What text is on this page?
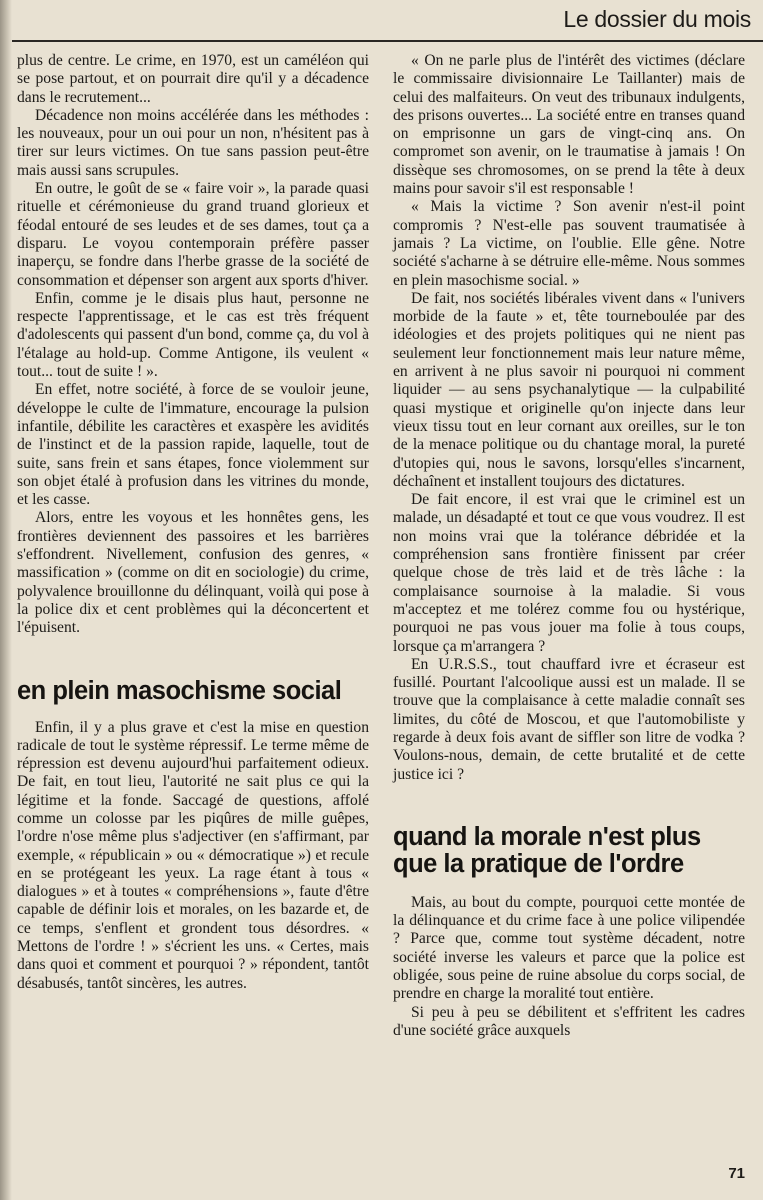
Le dossier du mois

plus de centre. Le crime, en 1970, est un caméléon qui se pose partout, et on pourrait dire qu'il y a décadence dans le recrutement...

Décadence non moins accélérée dans les méthodes : les nouveaux, pour un oui pour un non, n'hésitent pas à tirer sur leurs victimes. On tue sans passion peut-être mais aussi sans scrupules.

En outre, le goût de se « faire voir », la parade quasi rituelle et cérémonieuse du grand truand glorieux et féodal entouré de ses leudes et de ses dames, tout ça a disparu. Le voyou contemporain préfère passer inaperçu, se fondre dans l'herbe grasse de la société de consommation et dépenser son argent aux sports d'hiver.

Enfin, comme je le disais plus haut, personne ne respecte l'apprentissage, et le cas est très fréquent d'adolescents qui passent d'un bond, comme ça, du vol à l'étalage au hold-up. Comme Antigone, ils veulent « tout... tout de suite ! ».

En effet, notre société, à force de se vouloir jeune, développe le culte de l'immature, encourage la pulsion infantile, débilite les caractères et exaspère les avidités de l'instinct et de la passion rapide, laquelle, tout de suite, sans frein et sans étapes, fonce violemment sur son objet étalé à profusion dans les vitrines du monde, et les casse.

Alors, entre les voyous et les honnêtes gens, les frontières deviennent des passoires et les barrières s'effondrent. Nivellement, confusion des genres, « massification » (comme on dit en sociologie) du crime, polyvalence brouillonne du délinquant, voilà qui pose à la police dix et cent problèmes qui la déconcertent et l'épuisent.

en plein masochisme social

Enfin, il y a plus grave et c'est la mise en question radicale de tout le système répressif. Le terme même de répression est devenu aujourd'hui parfaitement odieux. De fait, en tout lieu, l'autorité ne sait plus ce qui la légitime et la fonde. Saccagé de questions, affolé comme un colosse par les piqûres de mille guêpes, l'ordre n'ose même plus s'adjectiver (en s'affirmant, par exemple, « républicain » ou « démocratique ») et recule en se protégeant les yeux. La rage étant à tous « dialogues » et à toutes « compréhensions », faute d'être capable de définir lois et morales, on les bazarde et, de ce temps, s'enflent et grondent tous désordres. « Mettons de l'ordre ! » s'écrient les uns. « Certes, mais dans quoi et comment et pourquoi ? » répondent, tantôt désabusés, tantôt sincères, les autres.

« On ne parle plus de l'intérêt des victimes (déclare le commissaire divisionnaire Le Taillanter) mais de celui des malfaiteurs. On veut des tribunaux indulgents, des prisons ouvertes... La société entre en transes quand on emprisonne un gars de vingt-cinq ans. On compromet son avenir, on le traumatise à jamais ! On dissèque ses chromosomes, on se prend la tête à deux mains pour savoir s'il est responsable !

« Mais la victime ? Son avenir n'est-il point compromis ? N'est-elle pas souvent traumatisée à jamais ? La victime, on l'oublie. Elle gêne. Notre société s'acharne à se détruire elle-même. Nous sommes en plein masochisme social. »

De fait, nos sociétés libérales vivent dans « l'univers morbide de la faute » et, tête tourneboulée par des idéologies et des projets politiques qui ne nient pas seulement leur fonctionnement mais leur nature même, en arrivent à ne plus savoir ni pourquoi ni comment liquider — au sens psychanalytique — la culpabilité quasi mystique et originelle qu'on injecte dans leur vieux tissu tout en leur cornant aux oreilles, sur le ton de la menace politique ou du chantage moral, la pureté d'utopies qui, nous le savons, lorsqu'elles s'incarnent, déchaînent et installent toujours des dictatures.

De fait encore, il est vrai que le criminel est un malade, un désadapté et tout ce que vous voudrez. Il est non moins vrai que la tolérance débridée et la compréhension sans frontière finissent par créer quelque chose de très laid et de très lâche : la complaisance sournoise à la maladie. Si vous m'acceptez et me tolérez comme fou ou hystérique, pourquoi ne pas vous jouer ma folie à tous coups, lorsque ça m'arrangera ?

En U.R.S.S., tout chauffard ivre et écraseur est fusillé. Pourtant l'alcoolique aussi est un malade. Il se trouve que la complaisance à cette maladie connaît ses limites, du côté de Moscou, et que l'automobiliste y regarde à deux fois avant de siffler son litre de vodka ? Voulons-nous, demain, de cette brutalité et de cette justice ici ?

quand la morale n'est plus que la pratique de l'ordre

Mais, au bout du compte, pourquoi cette montée de la délinquance et du crime face à une police vilipendée ? Parce que, comme tout système décadent, notre société inverse les valeurs et parce que la police est obligée, sous peine de ruine absolue du corps social, de prendre en charge la moralité tout entière.

Si peu à peu se débilitent et s'effritent les cadres d'une société grâce auxquels

71
